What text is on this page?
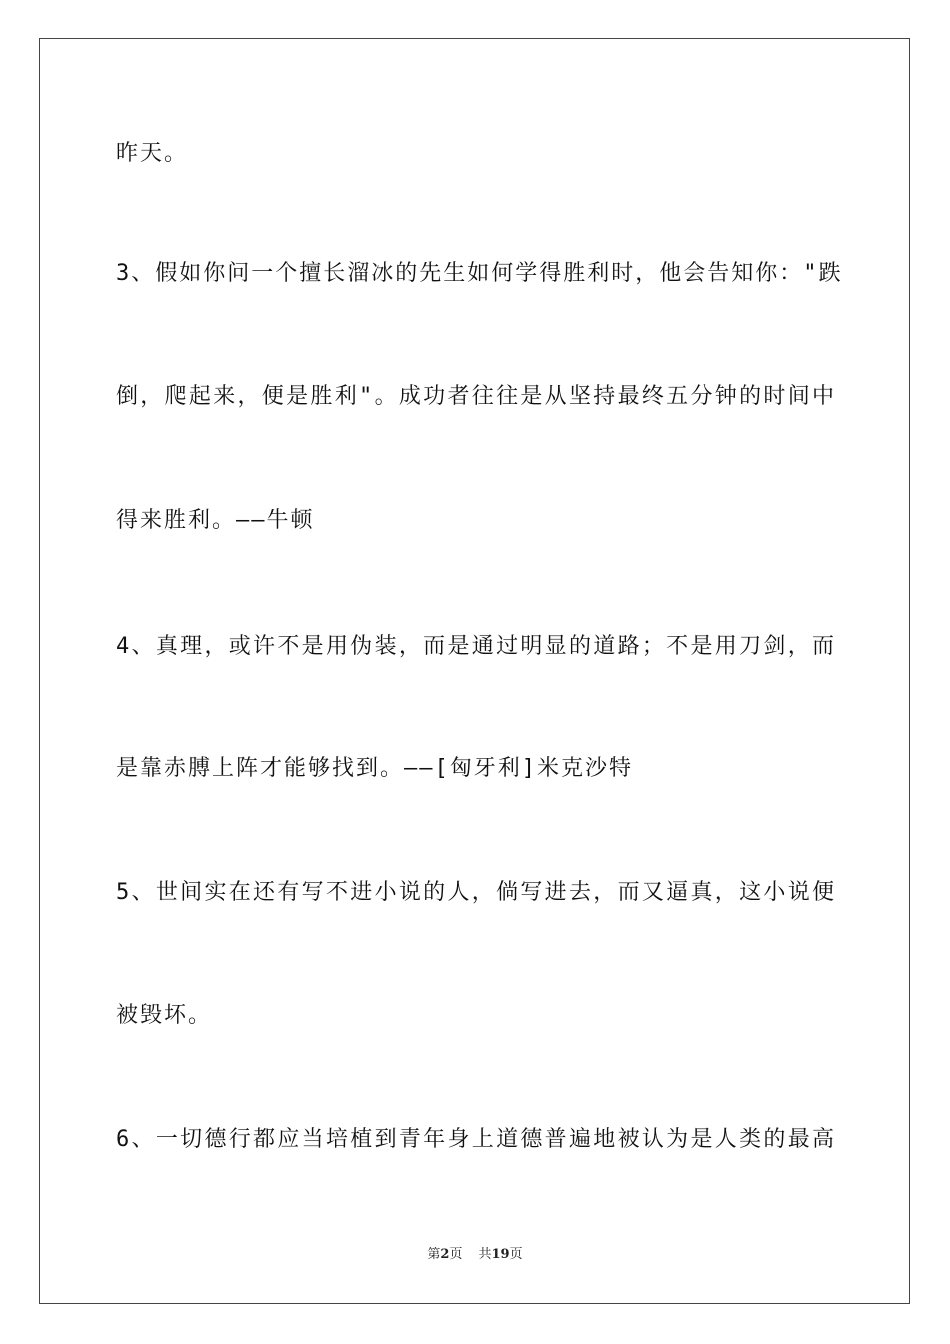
昨天。
3、假如你问一个擅长溜冰的先生如何学得胜利时，他会告知你："跌
倒，爬起来，便是胜利"。成功者往往是从坚持最终五分钟的时间中
得来胜利。——牛顿
4、真理，或许不是用伪装，而是通过明显的道路；不是用刀剑，而
是靠赤膊上阵才能够找到。——[匈牙利]米克沙特
5、世间实在还有写不进小说的人，倘写进去，而又逼真，这小说便
被毁坏。
6、一切德行都应当培植到青年身上道德普遍地被认为是人类的最高
第2页 共19页
